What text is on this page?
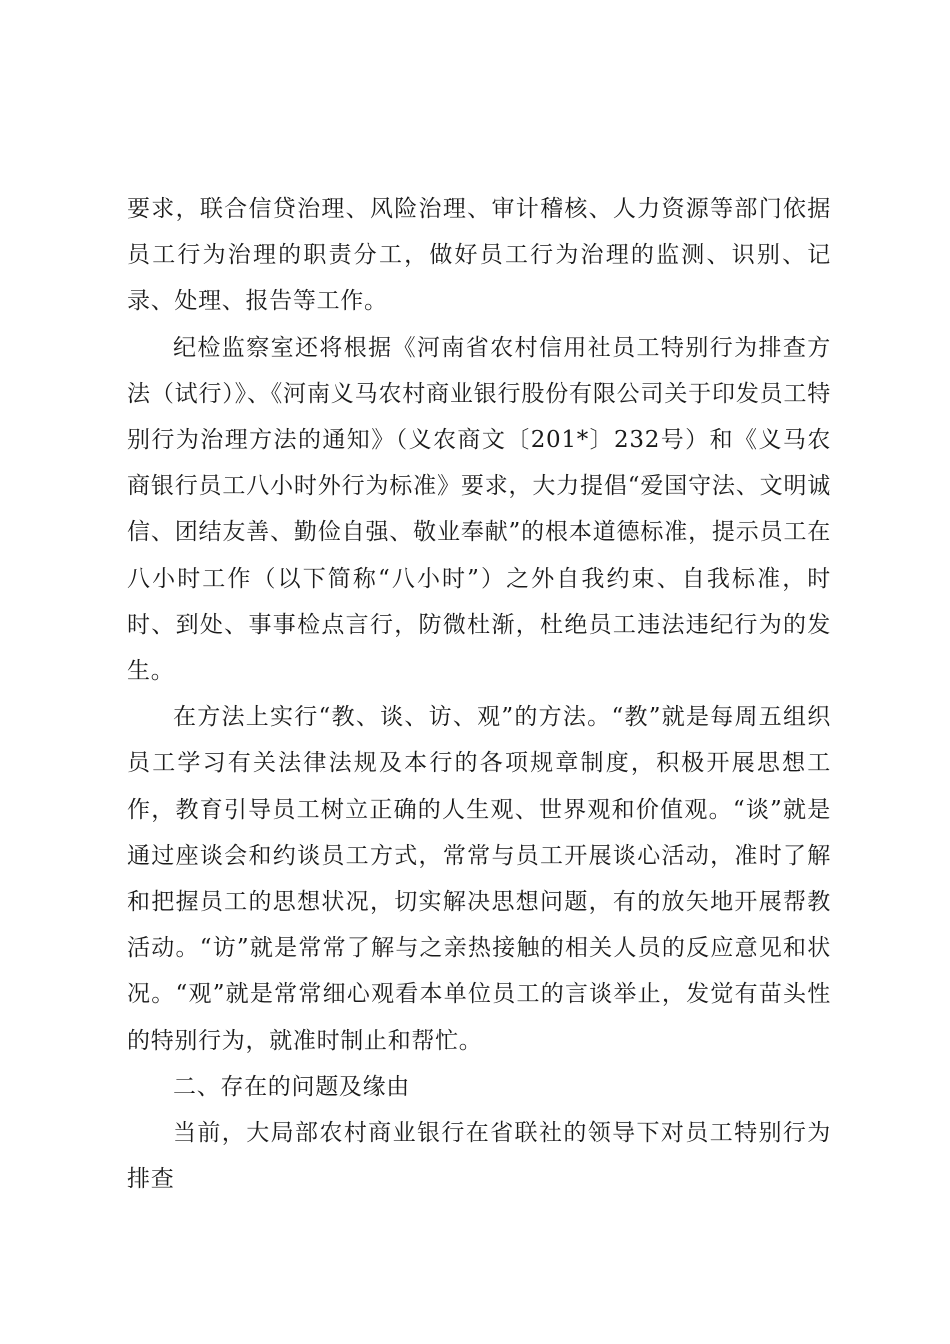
要求，联合信贷治理、风险治理、审计稽核、人力资源等部门依据员工行为治理的职责分工，做好员工行为治理的监测、识别、记录、处理、报告等工作。

纪检监察室还将根据《河南省农村信用社员工特别行为排查方法（试行）》、《河南义马农村商业银行股份有限公司关于印发员工特别行为治理方法的通知》（义农商文〔201*〕232号）和《义马农商银行员工八小时外行为标准》要求，大力提倡“爱国守法、文明诚信、团结友善、勤俭自强、敬业奉献”的根本道德标准，提示员工在八小时工作（以下简称“八小时”）之外自我约束、自我标准，时时、到处、事事检点言行，防微杜渐，杜绝员工违法违纪行为的发生。

在方法上实行“教、谈、访、观”的方法。“教”就是每周五组织员工学习有关法律法规及本行的各项规章制度，积极开展思想工作，教育引导员工树立正确的人生观、世界观和价值观。“谈”就是通过座谈会和约谈员工方式，常常与员工开展谈心活动，准时了解和把握员工的思想状况，切实解决思想问题，有的放矢地开展帮教活动。“访”就是常常了解与之亲热接触的相关人员的反应意见和状况。“观”就是常常细心观看本单位员工的言谈举止，发觉有苗头性的特别行为，就准时制止和帮忙。

二、存在的问题及缘由

当前，大局部农村商业银行在省联社的领导下对员工特别行为排查
